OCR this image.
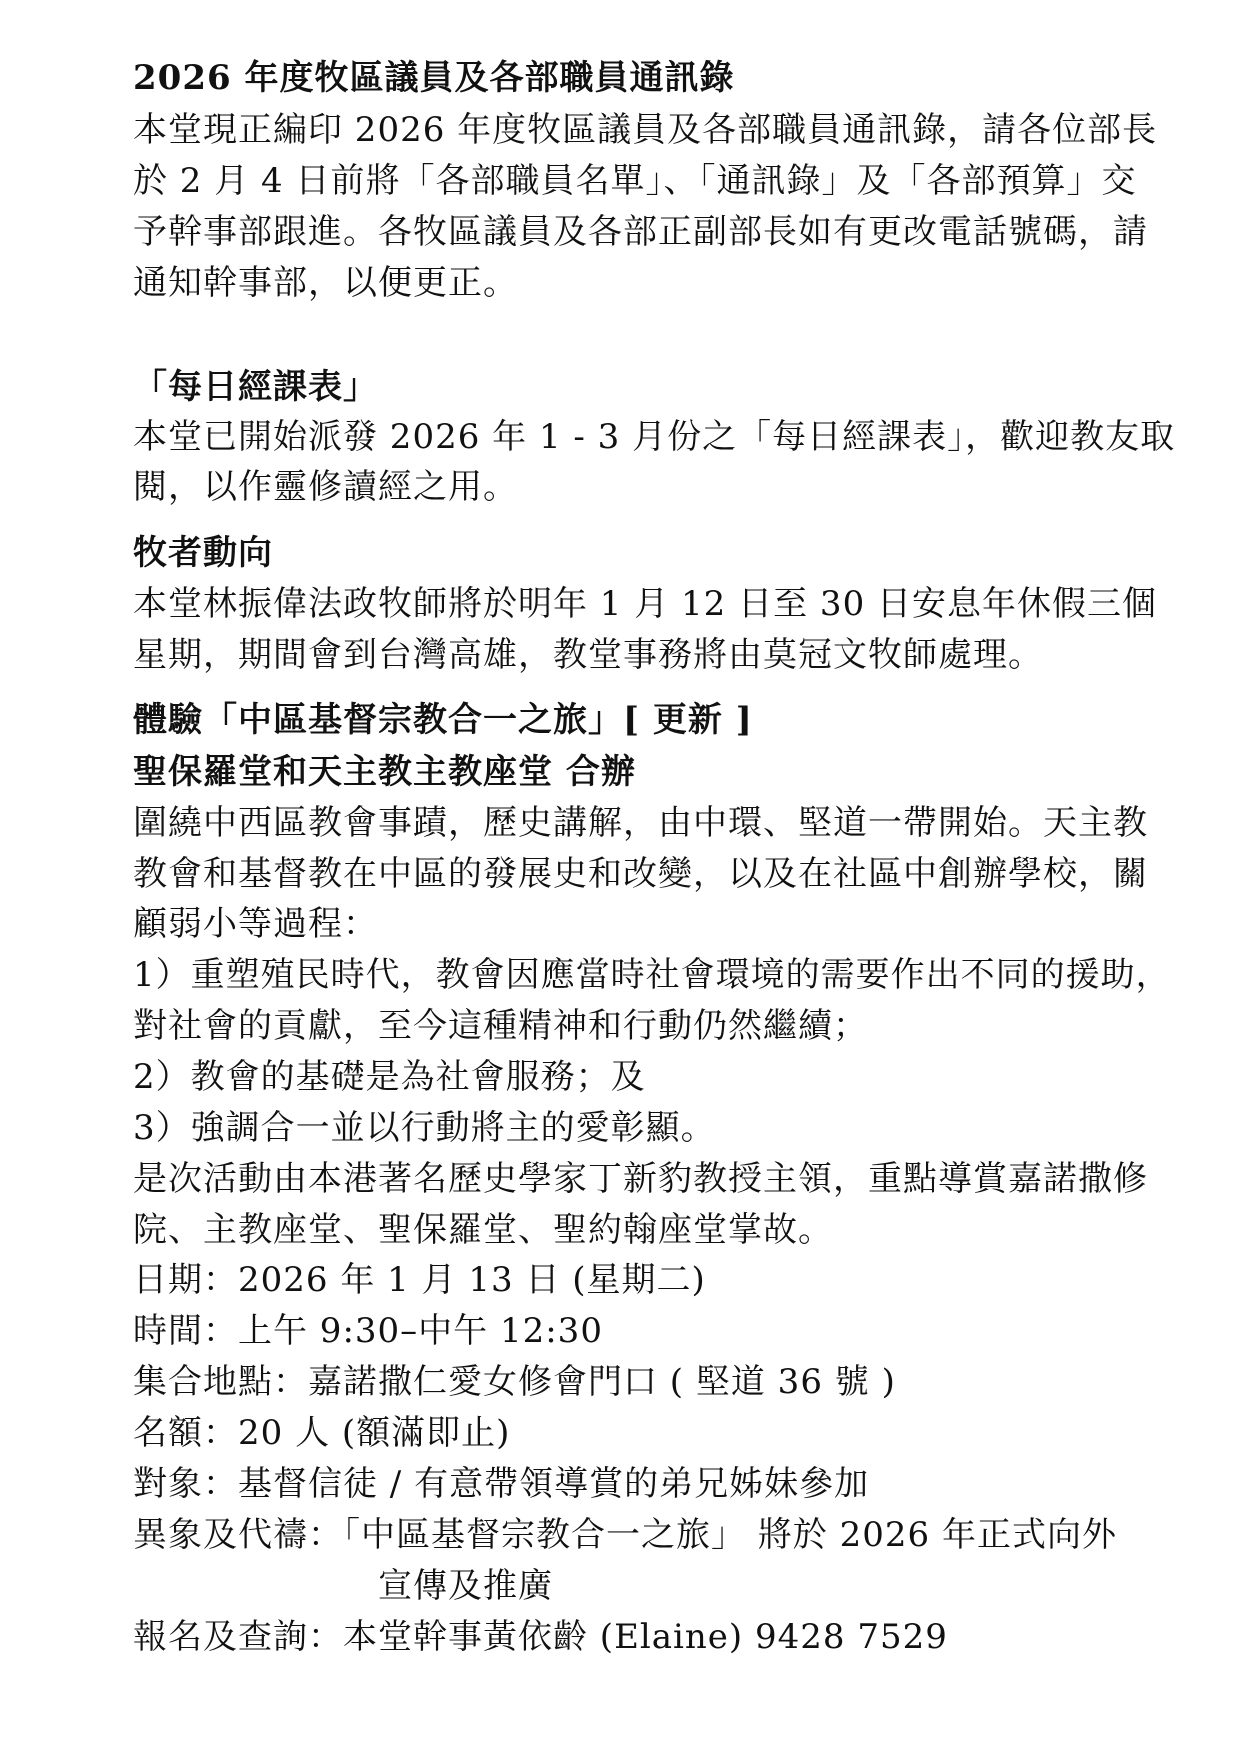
2026 年度牧區議員及各部職員通訊錄
本堂現正編印 2026 年度牧區議員及各部職員通訊錄，請各位部長
於 2 月 4 日前將「各部職員名單」、「通訊錄」及「各部預算」交
予幹事部跟進。各牧區議員及各部正副部長如有更改電話號碼，請
通知幹事部，以便更正。
「每日經課表」
本堂已開始派發 2026 年 1 - 3 月份之「每日經課表」，歡迎教友取
閱，以作靈修讀經之用。
牧者動向
本堂林振偉法政牧師將於明年 1 月 12 日至 30 日安息年休假三個
星期，期間會到台灣高雄，教堂事務將由莫冠文牧師處理。
體驗「中區基督宗教合一之旅」[ 更新 ]
聖保羅堂和天主教主教座堂 合辦
圍繞中西區教會事蹟，歷史講解，由中環、堅道一帶開始。天主教
教會和基督教在中區的發展史和改變，以及在社區中創辦學校，關
顧弱小等過程：
1）重塑殖民時代，教會因應當時社會環境的需要作出不同的援助，
對社會的貢獻，至今這種精神和行動仍然繼續；
2）教會的基礎是為社會服務；及
3）強調合一並以行動將主的愛彰顯。
是次活動由本港著名歷史學家丁新豹教授主領，重點導賞嘉諾撒修
院、主教座堂、聖保羅堂、聖約翰座堂掌故。
日期：2026 年 1 月 13 日 (星期二)
時間：上午 9:30–中午 12:30
集合地點：嘉諾撒仁愛女修會門口 ( 堅道 36 號 )
名額：20 人 (額滿即止)
對象：基督信徒 / 有意帶領導賞的弟兄姊妹參加
異象及代禱：「中區基督宗教合一之旅」 將於 2026 年正式向外
宣傳及推廣
報名及查詢：本堂幹事黃依齡 (Elaine) 9428 7529
